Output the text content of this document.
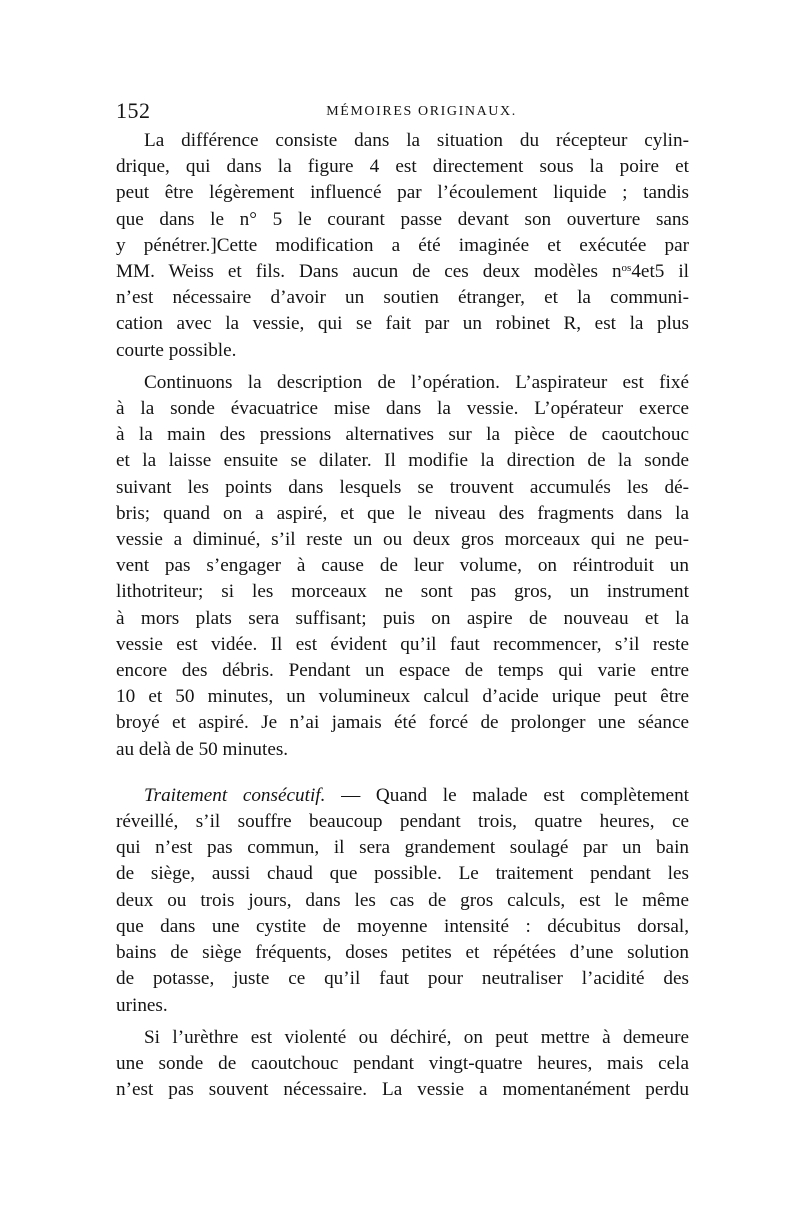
152	MÉMOIRES ORIGINAUX.

La différence consiste dans la situation du récepteur cylin-
drique, qui dans la figure 4 est directement sous la poire et
peut être légèrement influencé par l’écoulement liquide ; tandis
que dans le n° 5 le courant passe devant son ouverture sans
y pénétrer.]Cette modification a été imaginée et exécutée par
MM. Weiss et fils. Dans aucun de ces deux modèles $n^{os}4et5$ il
n’est nécessaire d’avoir un soutien étranger, et la communi-
cation avec la vessie, qui se fait par un robinet R, est la plus
courte possible.

Continuons la description de l’opération. L’aspirateur est fixé
à la sonde évacuatrice mise dans la vessie. L’opérateur exerce
à la main des pressions alternatives sur la pièce de caoutchouc
et la laisse ensuite se dilater. Il modifie la direction de la sonde
suivant les points dans lesquels se trouvent accumulés les dé-
bris; quand on a aspiré, et que le niveau des fragments dans la
vessie a diminué, s’il reste un ou deux gros morceaux qui ne peu-
vent pas s’engager à cause de leur volume, on réintroduit un
lithotriteur; si les morceaux ne sont pas gros, un instrument
à mors plats sera suffisant; puis on aspire de nouveau et la
vessie est vidée. Il est évident qu’il faut recommencer, s’il reste
encore des débris. Pendant un espace de temps qui varie entre
10 et 50 minutes, un volumineux calcul d’acide urique peut être
broyé et aspiré. Je n’ai jamais été forcé de prolonger une séance
au delà de 50 minutes.

Traitement consécutif. — Quand le malade est complètement
réveillé, s’il souffre beaucoup pendant trois, quatre heures, ce
qui n’est pas commun, il sera grandement soulagé par un bain
de siège, aussi chaud que possible. Le traitement pendant les
deux ou trois jours, dans les cas de gros calculs, est le même
que dans une cystite de moyenne intensité : décubitus dorsal,
bains de siège fréquents, doses petites et répétées d’une solution
de potasse, juste ce qu’il faut pour neutraliser l’acidité des
urines.

Si l’urèthre est violenté ou déchiré, on peut mettre à demeure
une sonde de caoutchouc pendant vingt-quatre heures, mais cela
n’est pas souvent nécessaire. La vessie a momentanément perdu
